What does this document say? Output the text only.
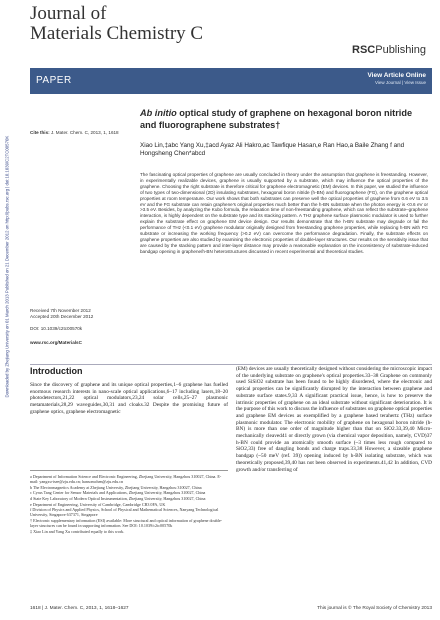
Downloaded by Zhejiang University on 01 March 2013 Published on 21 December 2012 on http://pubs.rsc.org | doi:10.1039/C2TC00570K
Journal of
Materials Chemistry C
RSCPublishing
PAPER	View Article Online
View Journal | View Issue
Cite this: J. Mater. Chem. C, 2013, 1, 1618
Received 7th November 2012
Accepted 20th December 2012
DOI: 10.1039/c2tc00570k
www.rsc.org/MaterialsC
Ab initio optical study of graphene on hexagonal boron nitride and fluorographene substrates†
Xiao Lin,‡abc Yang Xu,‡acd Ayaz Ali Hakro,ac Tawfique Hasan,e Ran Hao,a Baile Zhang f and Hongsheng Chen*abcd
The fascinating optical properties of graphene are usually concluded in theory under the assumption that graphene is freestanding. However, in experimentally realizable devices, graphene is usually supported by a substrate, which may influence the optical properties of the graphene. Choosing the right substrate is therefore critical for graphene electromagnetic (EM) devices. In this paper, we studied the influence of two types of two-dimensional (2D) insulating substrates, hexagonal boron nitride (h-BN) and fluorographene (FG), on the graphene optical properties at room temperature. Our work shows that both substrates can preserve well the optical properties of graphene from 0.6 eV to 3.5 eV and the FG substrate can retain graphene's original properties much better than the h-BN substrate when the photon energy is <0.6 eV or >3.5 eV. Besides, by analyzing the Kubo formula, the relaxation time of non-freestanding graphene, which can reflect the substrate–graphene interaction, is highly dependent on the substrate type and its stacking pattern. A THz graphene surface plasmonic modulator is used to further explain the substrate effect on graphene EM device design. Our results demonstrate that the h-BN substrate may degrade or fail the performance of THz (<0.1 eV) graphene modulator originally designed from freestanding graphene properties, while replacing h-BN with FG substrate or increasing the working frequency (>0.2 eV) can overcome the performance degradation. Finally, the substrate effects on graphene properties are also studied by examining the electronic properties of double-layer structures. Our results on the sensitivity issue that are caused by the stacking pattern and inter-layer distance may provide a reasonable explanation on the inconsistency of substrate-induced bandgap opening in graphene/h-BN heterostructures discussed in recent experimental and theoretical studies.
Introduction
Since the discovery of graphene and its unique optical properties,1–6 graphene has fuelled enormous research interests in nano-scale optical applications,6–17 including lasers,18–20 photodetectors,21,22 optical modulators,23,24 solar cells,25–27 plasmonic metamaterials,28,29 waveguides,30,31 and cloaks.32 Despite the promising future of graphene optics, graphene electromagnetic

a Department of Information Science and Electronic Engineering, Zhejiang University, Hangzhou 310027, China. E-mail: yangxu-isee@zju.edu.cn; hansomchen@zju.edu.cn

b The Electromagnetics Academy at Zhejiang University, Zhejiang University, Hangzhou 310027, China

c Cyrus Tang Center for Sensor Materials and Applications, Zhejiang University, Hangzhou 310027, China

d State Key Laboratory of Modern Optical Instrumentation, Zhejiang University, Hangzhou 310027, China

e Department of Engineering, University of Cambridge, Cambridge CB3 0FA, UK

f Division of Physics and Applied Physics, School of Physical and Mathematical Sciences, Nanyang Technological University, Singapore 637371, Singapore

† Electronic supplementary information (ESI) available: More structural and optical information of graphene double-layer structures can be found in supporting information. See DOI: 10.1039/c2tc00570k

‡ Xiao Lin and Yang Xu contributed equally to this work.

(EM) devices are usually theoretically designed without considering the microscopic impact of the underlying substrate on graphene's optical properties.33–38 Graphene on commonly used SiSiO2 substrate has been found to be highly disordered, where the electronic and optical properties can be significantly disrupted by the interaction between graphene and substrate surface states.9,33 A significant practical issue, hence, is how to preserve the intrinsic properties of graphene on an ideal substrate without significant deterioration. It is the purpose of this work to discuss the influence of substrates on graphene optical properties and graphene EM devices as exemplified by a graphene based terahertz (THz) surface plasmonic modulator. The electronic mobility of graphene on hexagonal boron nitride (h-BN) is more than one order of magnitude higher than that on SiO2.33,39,40 Micro-mechanically cleaved41 or directly grown (via chemical vapor deposition, namely, CVD)37 h-BN could provide an atomically smooth surface (~3 times less rough compared to SiO2,33) free of dangling bonds and charge traps.33,38 However, a sizeable graphene bandgap (~50 meV (ref. 39)) opening induced by h-BN isolating substrate, which was theoretically proposed,39,40 has not been observed in experiments.41,42 In addition, CVD growth and/or transferring of
1618 | J. Mater. Chem. C, 2013, 1, 1618–1627	This journal is © The Royal Society of Chemistry 2013
